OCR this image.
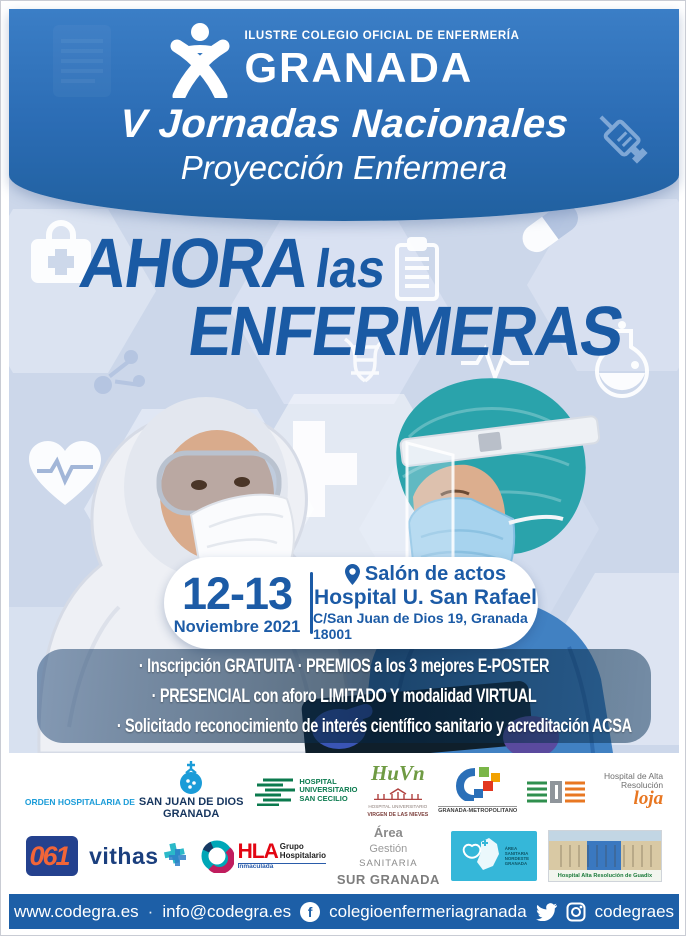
ILUSTRE COLEGIO OFICIAL DE ENFERMERÍA
GRANADA
V Jornadas Nacionales
Proyección Enfermera
AHORAlas
ENFERMERAS
12-13
Noviembre 2021
Salón de actos
Hospital U. San Rafael
C/San Juan de Dios 19, Granada 18001
· Inscripción GRATUITA · PREMIOS a los 3 mejores E-POSTER
· PRESENCIAL con aforo LIMITADO Y modalidad VIRTUAL
· Solicitado reconocimiento de interés científico sanitario y acreditación ACSA
ORDEN HOSPITALARIA DE SAN JUAN DE DIOS
GRANADA
HOSPITAL
UNIVERSITARIO
SAN CECILIO
HuVn
HOSPITAL UNIVERSITARIO
VIRGEN DE LAS NIEVES
GRANADA-METROPOLITANO
Hospital de Alta Resolución
loja
061 vithas	HLA Grupo Hospitalario
Inmaculada
Área
Gestión
SANITARIA
SUR GRANADA
ÁREA
SANITARIA
NORDESTE
GRANADA
Hospital Alta Resolución de Guadix
www.codegra.es · info@codegra.es	f colegioenfermeriagranada	codegraes
